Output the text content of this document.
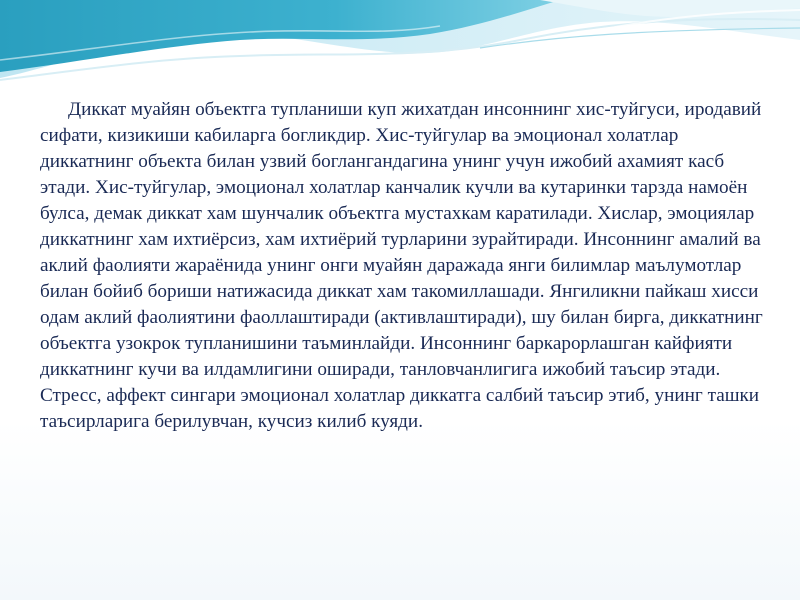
Диккат муайян объектга тупланиши куп жихатдан инсоннинг хис-туйгуси, иродавий сифати, кизикиши кабиларга богликдир. Хис-туйгулар ва эмоционал холатлар диккатнинг объекта билан узвий боглангандагина унинг учун ижобий ахамият касб этади. Хис-туйгулар, эмоционал холатлар канчалик кучли ва кутаринки тарзда намоён булса, демак диккат хам шунчалик объектга мустахкам каратилади. Хислар, эмоциялар диккатнинг хам ихтиёрсиз, хам ихтиёрий турларини зурайтиради. Инсоннинг амалий ва аклий фаолияти жараёнида унинг онги муайян даражада янги билимлар маълумотлар билан бойиб бориши натижасида диккат хам такомиллашади. Янгиликни пайкаш хисси одам аклий фаолиятини фаоллаштиради (активлаштиради), шу билан бирга, диккатнинг объектга узокрок тупланишини таъминлайди. Инсоннинг баркарорлашган кайфияти диккатнинг кучи ва илдамлигини оширади, танловчанлигига ижобий таъсир этади. Стресс, аффект сингари эмоционал холатлар диккатга салбий таъсир этиб, унинг ташки таъсирларига берилувчан, кучсиз килиб куяди.
